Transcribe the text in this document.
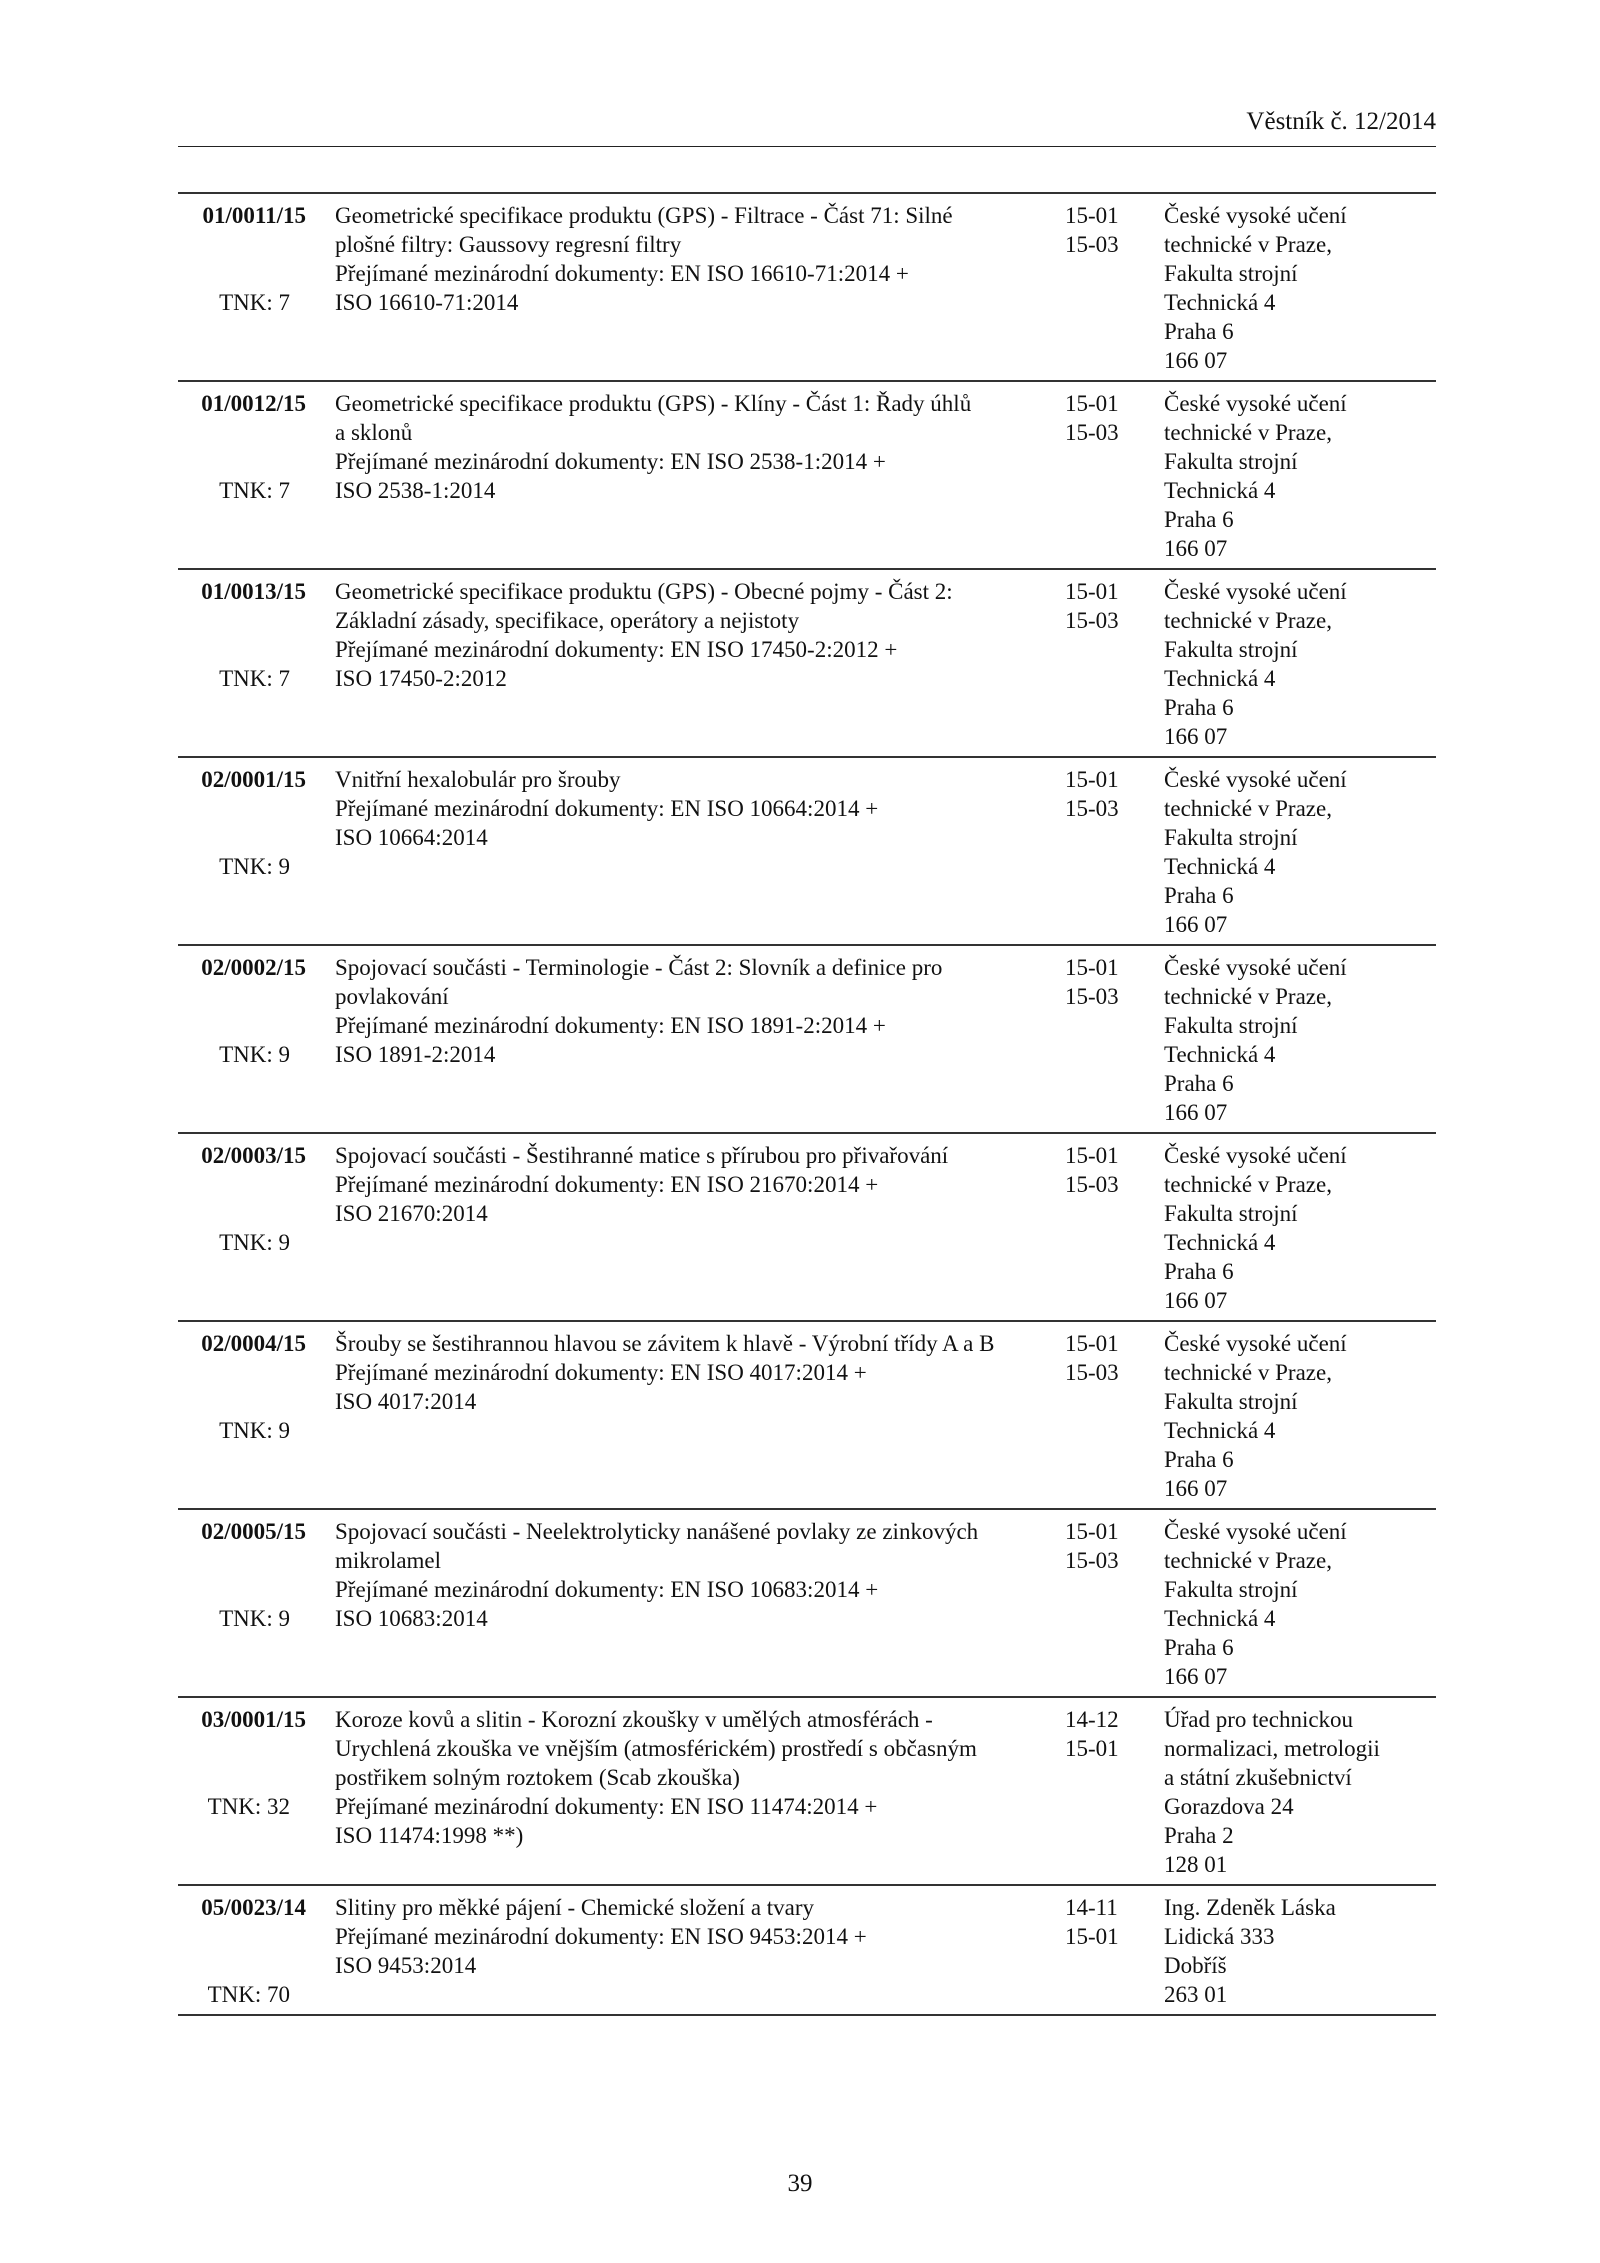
Věstník č. 12/2014
01/0011/15
TNK: 7
Geometrické specifikace produktu (GPS) - Filtrace - Část 71: Silné
plošné filtry: Gaussovy regresní filtry
Přejímané mezinárodní dokumenty: EN ISO 16610-71:2014 +
ISO 16610-71:2014
15-01
15-03
České vysoké učení
technické v Praze,
Fakulta strojní
Technická 4
Praha 6
166 07
01/0012/15
TNK: 7
Geometrické specifikace produktu (GPS) - Klíny - Část 1: Řady úhlů
a sklonů
Přejímané mezinárodní dokumenty: EN ISO 2538-1:2014 +
ISO 2538-1:2014
15-01
15-03
České vysoké učení
technické v Praze,
Fakulta strojní
Technická 4
Praha 6
166 07
01/0013/15
TNK: 7
Geometrické specifikace produktu (GPS) - Obecné pojmy - Část 2:
Základní zásady, specifikace, operátory a nejistoty
Přejímané mezinárodní dokumenty: EN ISO 17450-2:2012 +
ISO 17450-2:2012
15-01
15-03
České vysoké učení
technické v Praze,
Fakulta strojní
Technická 4
Praha 6
166 07
02/0001/15
TNK: 9
Vnitřní hexalobulár pro šrouby
Přejímané mezinárodní dokumenty: EN ISO 10664:2014 +
ISO 10664:2014
15-01
15-03
České vysoké učení
technické v Praze,
Fakulta strojní
Technická 4
Praha 6
166 07
02/0002/15
TNK: 9
Spojovací součásti - Terminologie - Část 2: Slovník a definice pro
povlakování
Přejímané mezinárodní dokumenty: EN ISO 1891-2:2014 +
ISO 1891-2:2014
15-01
15-03
České vysoké učení
technické v Praze,
Fakulta strojní
Technická 4
Praha 6
166 07
02/0003/15
TNK: 9
Spojovací součásti - Šestihranné matice s přírubou pro přivařování
Přejímané mezinárodní dokumenty: EN ISO 21670:2014 +
ISO 21670:2014
15-01
15-03
České vysoké učení
technické v Praze,
Fakulta strojní
Technická 4
Praha 6
166 07
02/0004/15
TNK: 9
Šrouby se šestihrannou hlavou se závitem k hlavě - Výrobní třídy A a B
Přejímané mezinárodní dokumenty: EN ISO 4017:2014 +
ISO 4017:2014
15-01
15-03
České vysoké učení
technické v Praze,
Fakulta strojní
Technická 4
Praha 6
166 07
02/0005/15
TNK: 9
Spojovací součásti - Neelektrolyticky nanášené povlaky ze zinkových
mikrolamel
Přejímané mezinárodní dokumenty: EN ISO 10683:2014 +
ISO 10683:2014
15-01
15-03
České vysoké učení
technické v Praze,
Fakulta strojní
Technická 4
Praha 6
166 07
03/0001/15
TNK: 32
Koroze kovů a slitin - Korozní zkoušky v umělých atmosférách -
Urychlená zkouška ve vnějším (atmosférickém) prostředí s občasným
postřikem solným roztokem (Scab zkouška)
Přejímané mezinárodní dokumenty: EN ISO 11474:2014 +
ISO 11474:1998 **)
14-12
15-01
Úřad pro technickou
normalizaci, metrologii
a státní zkušebnictví
Gorazdova 24
Praha 2
128 01
05/0023/14
TNK: 70
Slitiny pro měkké pájení - Chemické složení a tvary
Přejímané mezinárodní dokumenty: EN ISO 9453:2014 +
ISO 9453:2014
14-11
15-01
Ing. Zdeněk Láska
Lidická 333
Dobříš
263 01
39
